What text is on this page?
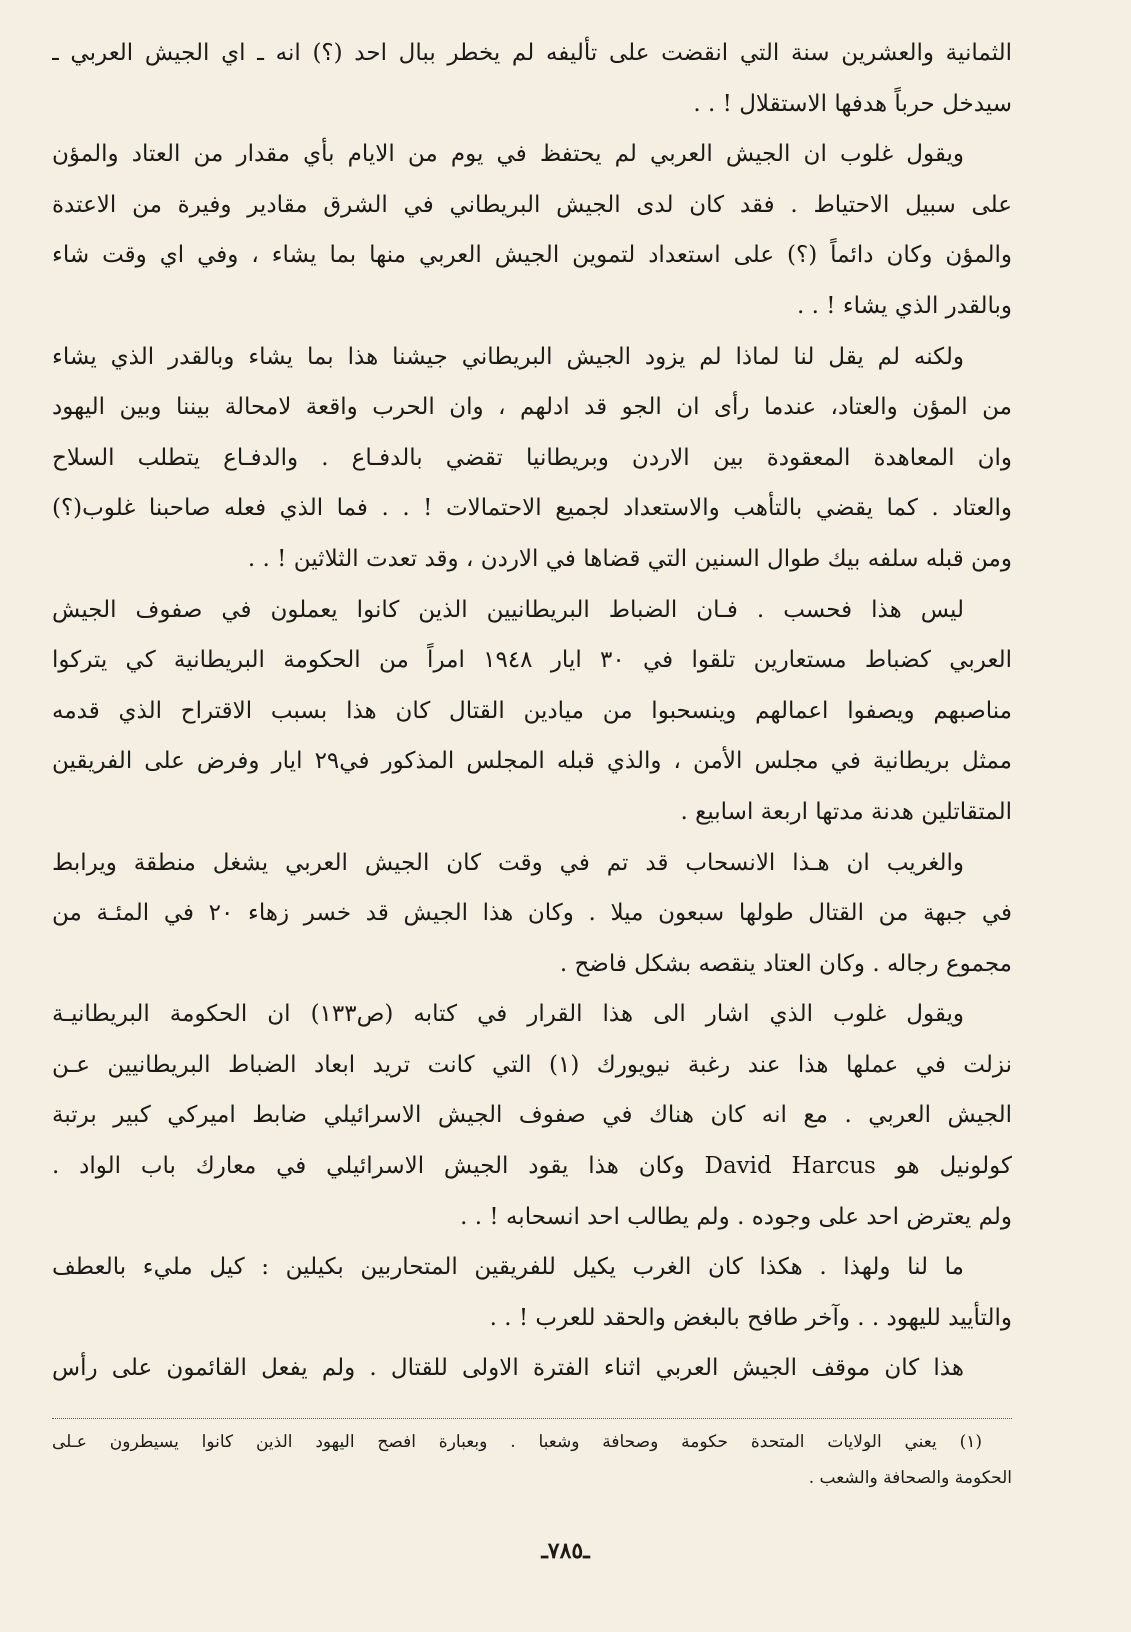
الثمانية والعشرين سنة التي انقضت على تأليفه لم يخطر ببال احد (؟) انه ـ اي الجيش العربي ـ
سيدخل حرباً هدفها الاستقلال ! . .
ويقول غلوب ان الجيش العربي لم يحتفظ في يوم من الايام بأي مقدار من العتاد والمؤن
على سبيل الاحتياط . فقد كان لدى الجيش البريطاني في الشرق مقادير وفيرة من الاعتدة
والمؤن وكان دائماً (؟) على استعداد لتموين الجيش العربي منها بما يشاء ، وفي اي وقت شاء
وبالقدر الذي يشاء ! . .
ولكنه لم يقل لنا لماذا لم يزود الجيش البريطاني جيشنا هذا بما يشاء وبالقدر الذي يشاء
من المؤن والعتاد، عندما رأى ان الجو قد ادلهم ، وان الحرب واقعة لامحالة بيننا وبين اليهود
وان المعاهدة المعقودة بين الاردن وبريطانيا تقضي بالدفـاع . والدفـاع يتطلب السلاح
والعتاد . كما يقضي بالتأهب والاستعداد لجميع الاحتمالات ! . . فما الذي فعله صاحبنا غلوب(؟)
ومن قبله سلفه بيك طوال السنين التي قضاها في الاردن ، وقد تعدت الثلاثين ! . .
ليس هذا فحسب . فـان الضباط البريطانيين الذين كانوا يعملون في صفوف الجيش
العربي كضباط مستعارين تلقوا في ٣٠ ايار ١٩٤٨ امراً من الحكومة البريطانية كي يتركوا
مناصبهم ويصفوا اعمالهم وينسحبوا من ميادين القتال كان هذا بسبب الاقتراح الذي قدمه
ممثل بريطانية في مجلس الأمن ، والذي قبله المجلس المذكور في٢٩ ايار وفرض على الفريقين
المتقاتلين هدنة مدتها اربعة اسابيع .
والغريب ان هـذا الانسحاب قد تم في وقت كان الجيش العربي يشغل منطقة ويرابط
في جبهة من القتال طولها سبعون ميلا . وكان هذا الجيش قد خسر زهاء ٢٠ في المئـة من
مجموع رجاله . وكان العتاد ينقصه بشكل فاضح .
ويقول غلوب الذي اشار الى هذا القرار في كتابه (ص١٣٣) ان الحكومة البريطانيـة
نزلت في عملها هذا عند رغبة نيويورك (١) التي كانت تريد ابعاد الضباط البريطانيين عـن
الجيش العربي . مع انه كان هناك في صفوف الجيش الاسرائيلي ضابط اميركي كبير برتبة
كولونيل هو David Harcus وكان هذا يقود الجيش الاسرائيلي في معارك باب الواد .
ولم يعترض احد على وجوده . ولم يطالب احد انسحابه ! . .
ما لنا ولهذا . هكذا كان الغرب يكيل للفريقين المتحاربين بكيلين : كيل مليء بالعطف
والتأييد لليهود . . وآخر طافح بالبغض والحقد للعرب ! . .
هذا كان موقف الجيش العربي اثناء الفترة الاولى للقتال . ولم يفعل القائمون على رأس
(١) يعني الولايات المتحدة حكومة وصحافة وشعبا . وبعبارة افصح اليهود الذين كانوا يسيطرون عـلى
الحكومة والصحافة والشعب .
ـ٧٨٥ـ
